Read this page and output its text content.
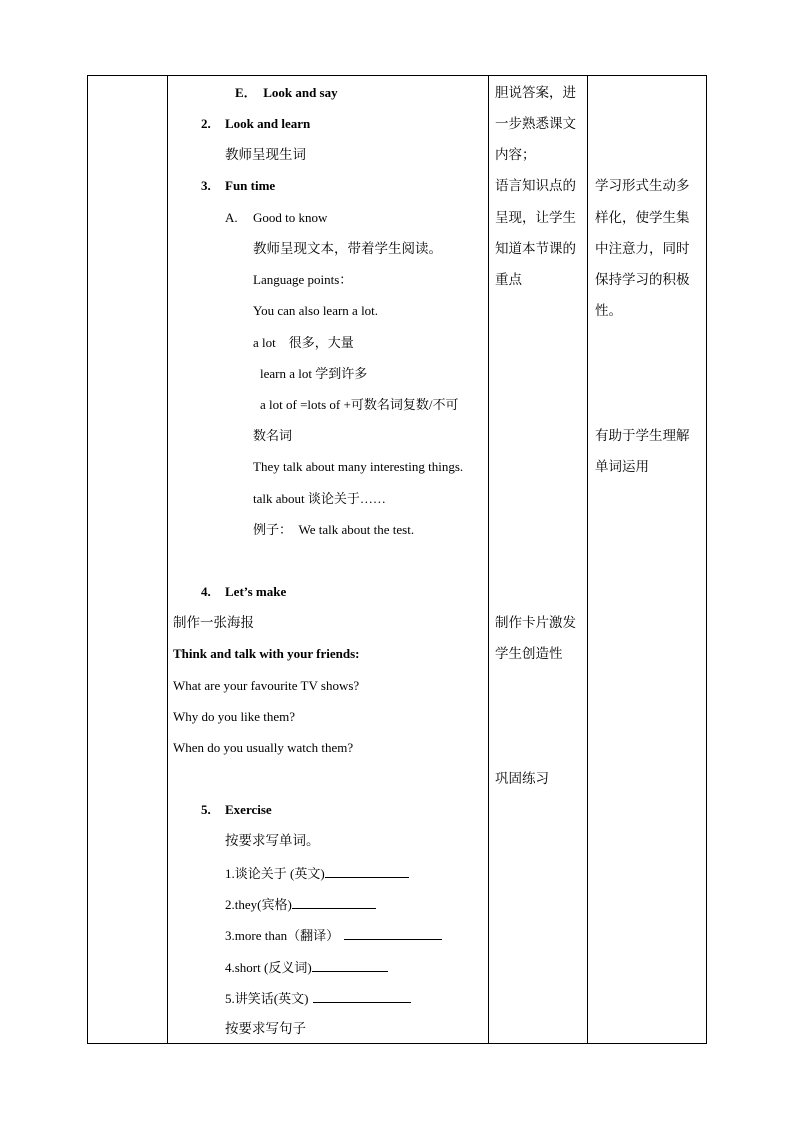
E．　 Look and say
2. Look and learn
教师呈现生词
3. Fun time
A. Good to know
教师呈现文本，带着学生阅读。
Language points：
You can also learn a lot.
a lot　很多，大量
learn a lot 学到许多
a lot of =lots of +可数名词复数/不可
数名词
They talk about many interesting things.
talk about 谈论关于……
例子：　 We talk about the test.
4. Let’s make
制作一张海报
Think and talk with your friends:
What are your favourite TV shows?
Why do you like them?
When do you usually watch them?
5. Exercise
按要求写单词。
1.谈论关于 (英文)
2.they(宾格)
3.more than（翻译）
4.short (反义词)
5.讲笑话(英文)
按要求写句子
胆说答案，进
一步熟悉课文
内容；
语言知识点的
呈现，让学生
知道本节课的
重点
制作卡片激发
学生创造性
巩固练习
学习形式生动多
样化，使学生集
中注意力，同时
保持学习的积极
性。
有助于学生理解
单词运用
